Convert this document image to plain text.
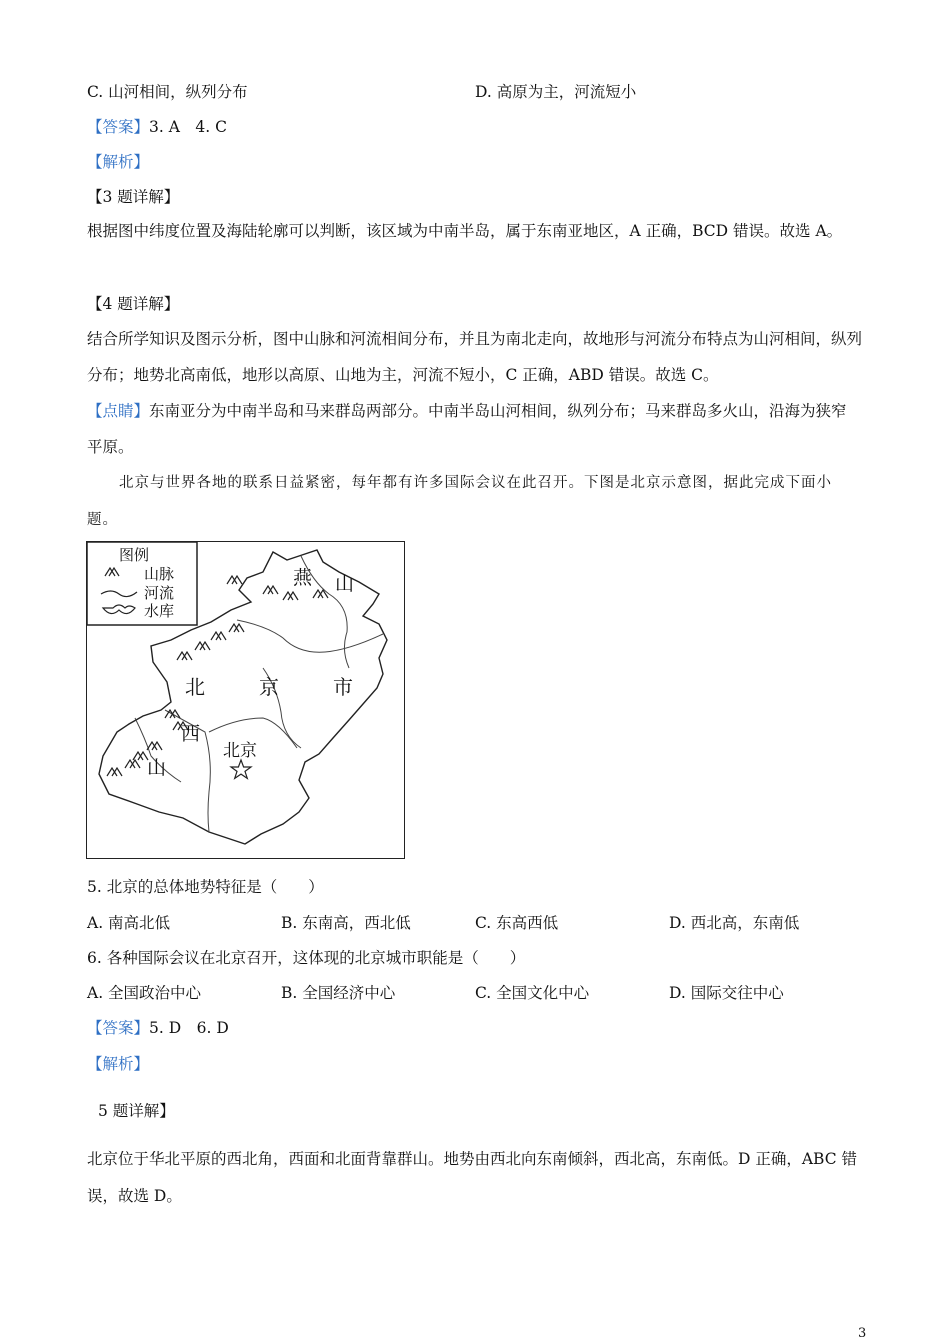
C. 山河相间，纵列分布	D. 高原为主，河流短小
【答案】3. A　4. C
【解析】
【3 题详解】
根据图中纬度位置及海陆轮廓可以判断，该区域为中南半岛，属于东南亚地区，A 正确，BCD 错误。故选 A。
【4 题详解】
结合所学知识及图示分析，图中山脉和河流相间分布，并且为南北走向，故地形与河流分布特点为山河相间，纵列分布；地势北高南低，地形以高原、山地为主，河流不短小，C 正确，ABD 错误。故选 C。
【点睛】东南亚分为中南半岛和马来群岛两部分。中南半岛山河相间，纵列分布；马来群岛多火山，沿海为狭窄平原。
北京与世界各地的联系日益紧密，每年都有许多国际会议在此召开。下图是北京示意图，据此完成下面小题。
图例
山脉
河流
水库
燕 山
北	京	市
西
山
北京
5. 北京的总体地势特征是（　　）
A. 南高北低	B. 东南高，西北低	C. 东高西低	D. 西北高，东南低
6. 各种国际会议在北京召开，这体现的北京城市职能是（　　）
A. 全国政治中心	B. 全国经济中心	C. 全国文化中心	D. 国际交往中心
【答案】5. D　6. D
【解析】
5 题详解】
北京位于华北平原的西北角，西面和北面背靠群山。地势由西北向东南倾斜，西北高，东南低。D 正确，ABC 错误，故选 D。
3
